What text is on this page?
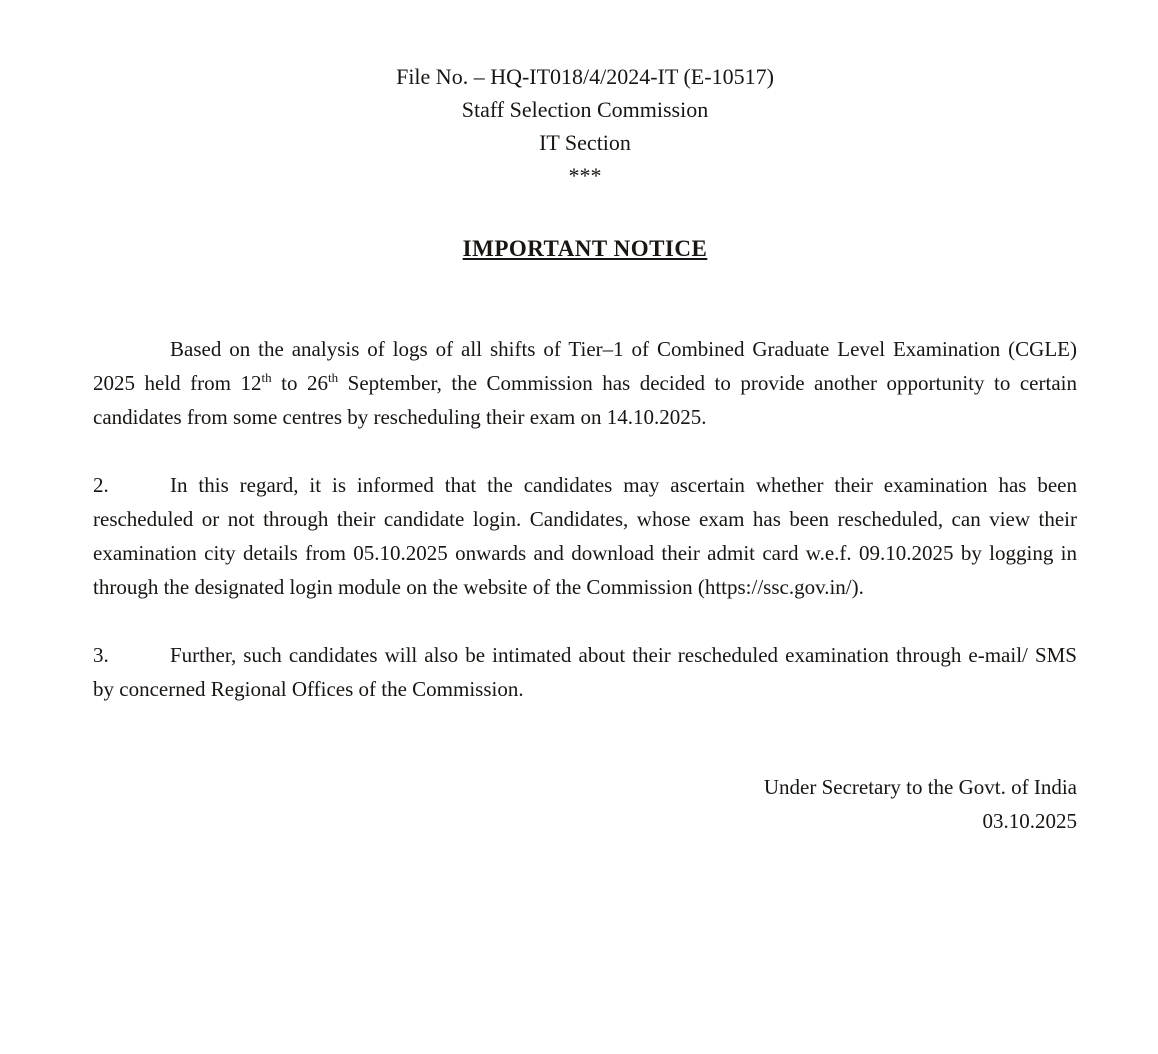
File No. – HQ-IT018/4/2024-IT (E-10517)
Staff Selection Commission
IT Section
***
IMPORTANT NOTICE

Based on the analysis of logs of all shifts of Tier–1 of Combined Graduate Level Examination (CGLE) 2025 held from 12th to 26th September, the Commission has decided to provide another opportunity to certain candidates from some centres by rescheduling their exam on 14.10.2025.

2.	In this regard, it is informed that the candidates may ascertain whether their examination has been rescheduled or not through their candidate login. Candidates, whose exam has been rescheduled, can view their examination city details from 05.10.2025 onwards and download their admit card w.e.f. 09.10.2025 by logging in through the designated login module on the website of the Commission (https://ssc.gov.in/).

3.	Further, such candidates will also be intimated about their rescheduled examination through e-mail/ SMS by concerned Regional Offices of the Commission.

Under Secretary to the Govt. of India
03.10.2025
